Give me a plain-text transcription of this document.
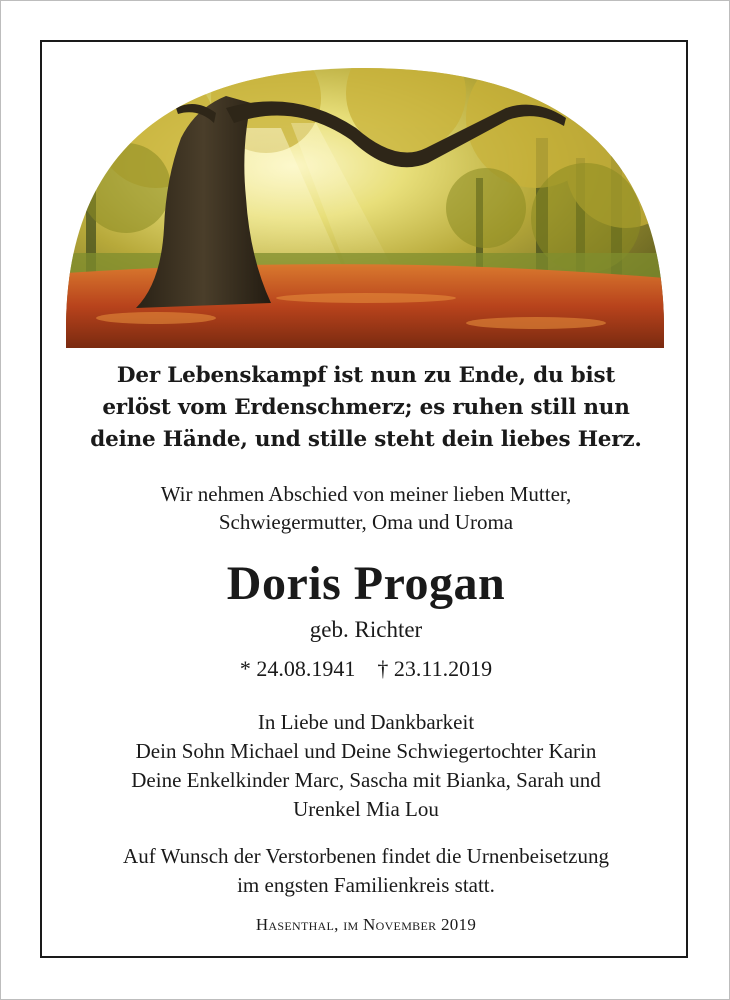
Der Lebenskampf ist nun zu Ende, du bist
erlöst vom Erdenschmerz; es ruhen still nun
deine Hände, und stille steht dein liebes Herz.
Wir nehmen Abschied von meiner lieben Mutter,
Schwiegermutter, Oma und Uroma
Doris Progan
geb. Richter
* 24.08.1941 † 23.11.2019
In Liebe und Dankbarkeit
Dein Sohn Michael und Deine Schwiegertochter Karin
Deine Enkelkinder Marc, Sascha mit Bianka, Sarah und
Urenkel Mia Lou
Auf Wunsch der Verstorbenen findet die Urnenbeisetzung
im engsten Familienkreis statt.
Hasenthal, im November 2019
